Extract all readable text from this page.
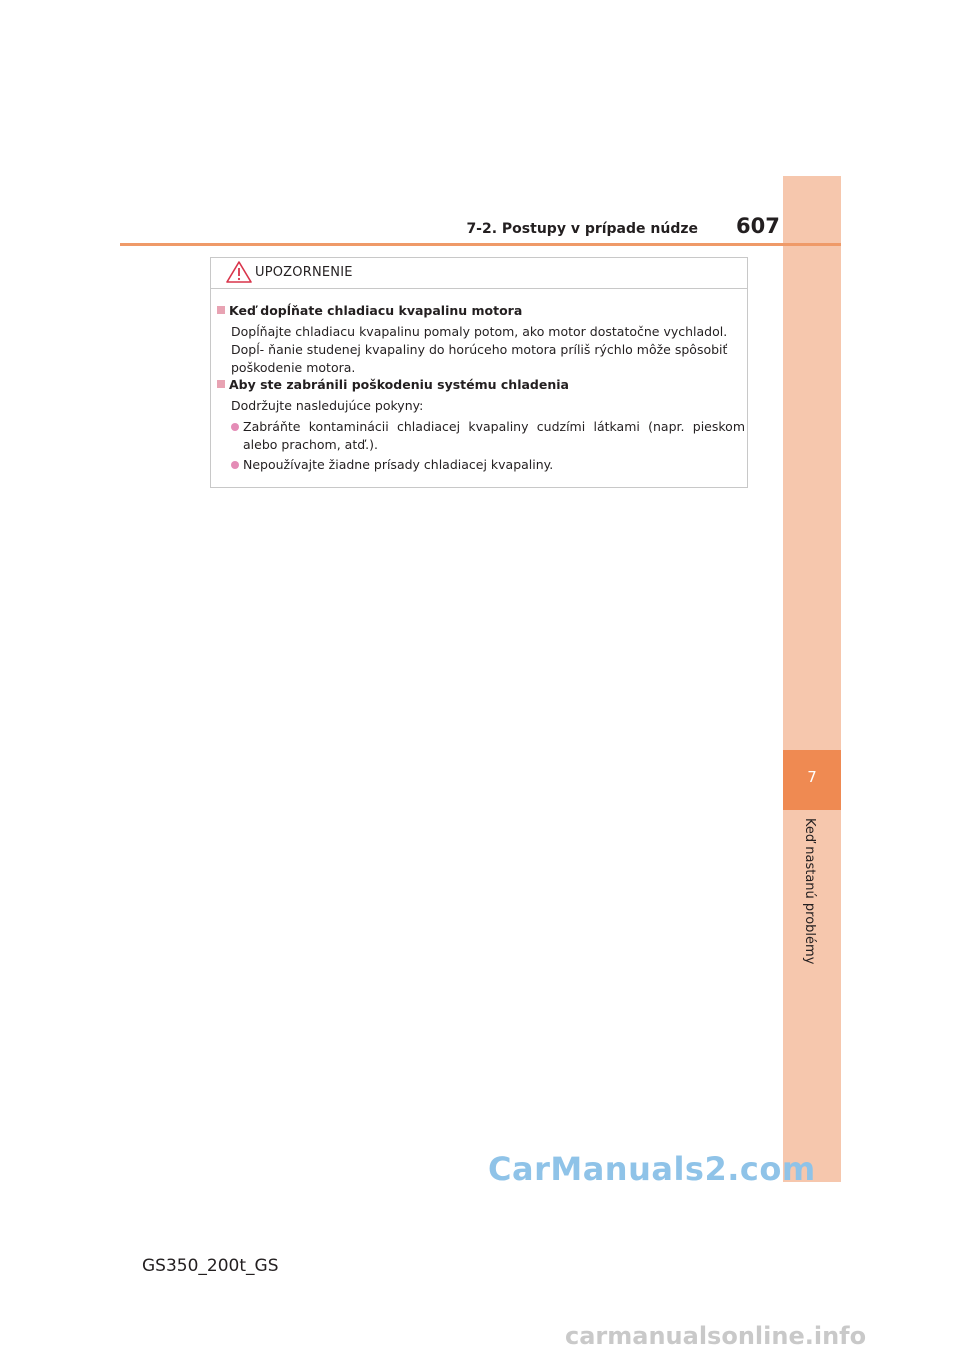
7
Keď nastanú problémy
7-2. Postupy v prípade núdze 607
UPOZORNENIE
Keď dopĺňate chladiacu kvapalinu motora
Dopĺňajte chladiacu kvapalinu pomaly potom, ako motor dostatočne vychladol. Dopĺ- ňanie studenej kvapaliny do horúceho motora príliš rýchlo môže spôsobiť poškodenie motora.
Aby ste zabránili poškodeniu systému chladenia
Dodržujte nasledujúce pokyny:
Zabráňte kontaminácii chladiacej kvapaliny cudzími látkami (napr. pieskom alebo prachom, atď.).
Nepoužívajte žiadne prísady chladiacej kvapaliny.
CarManuals2.com
GS350_200t_GS
carmanualsonline.info
